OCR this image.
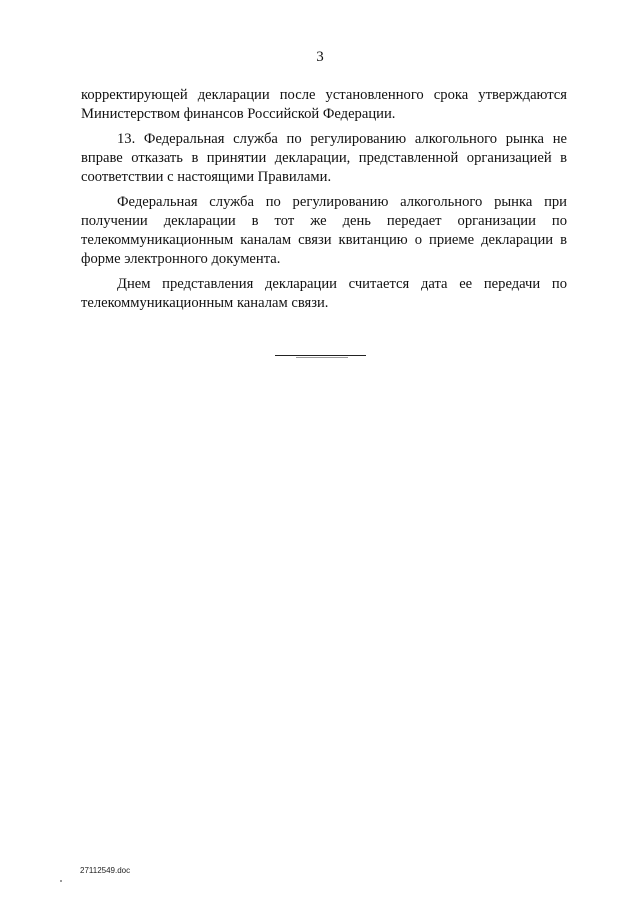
3

корректирующей декларации после установленного срока утверждаются Министерством финансов Российской Федерации.

13. Федеральная служба по регулированию алкогольного рынка не вправе отказать в принятии декларации, представленной организацией в соответствии с настоящими Правилами.

Федеральная служба по регулированию алкогольного рынка при получении декларации в тот же день передает организации по телекоммуникационным каналам связи квитанцию о приеме декларации в форме электронного документа.

Днем представления декларации считается дата ее передачи по телекоммуникационным каналам связи.

27112549.doc
